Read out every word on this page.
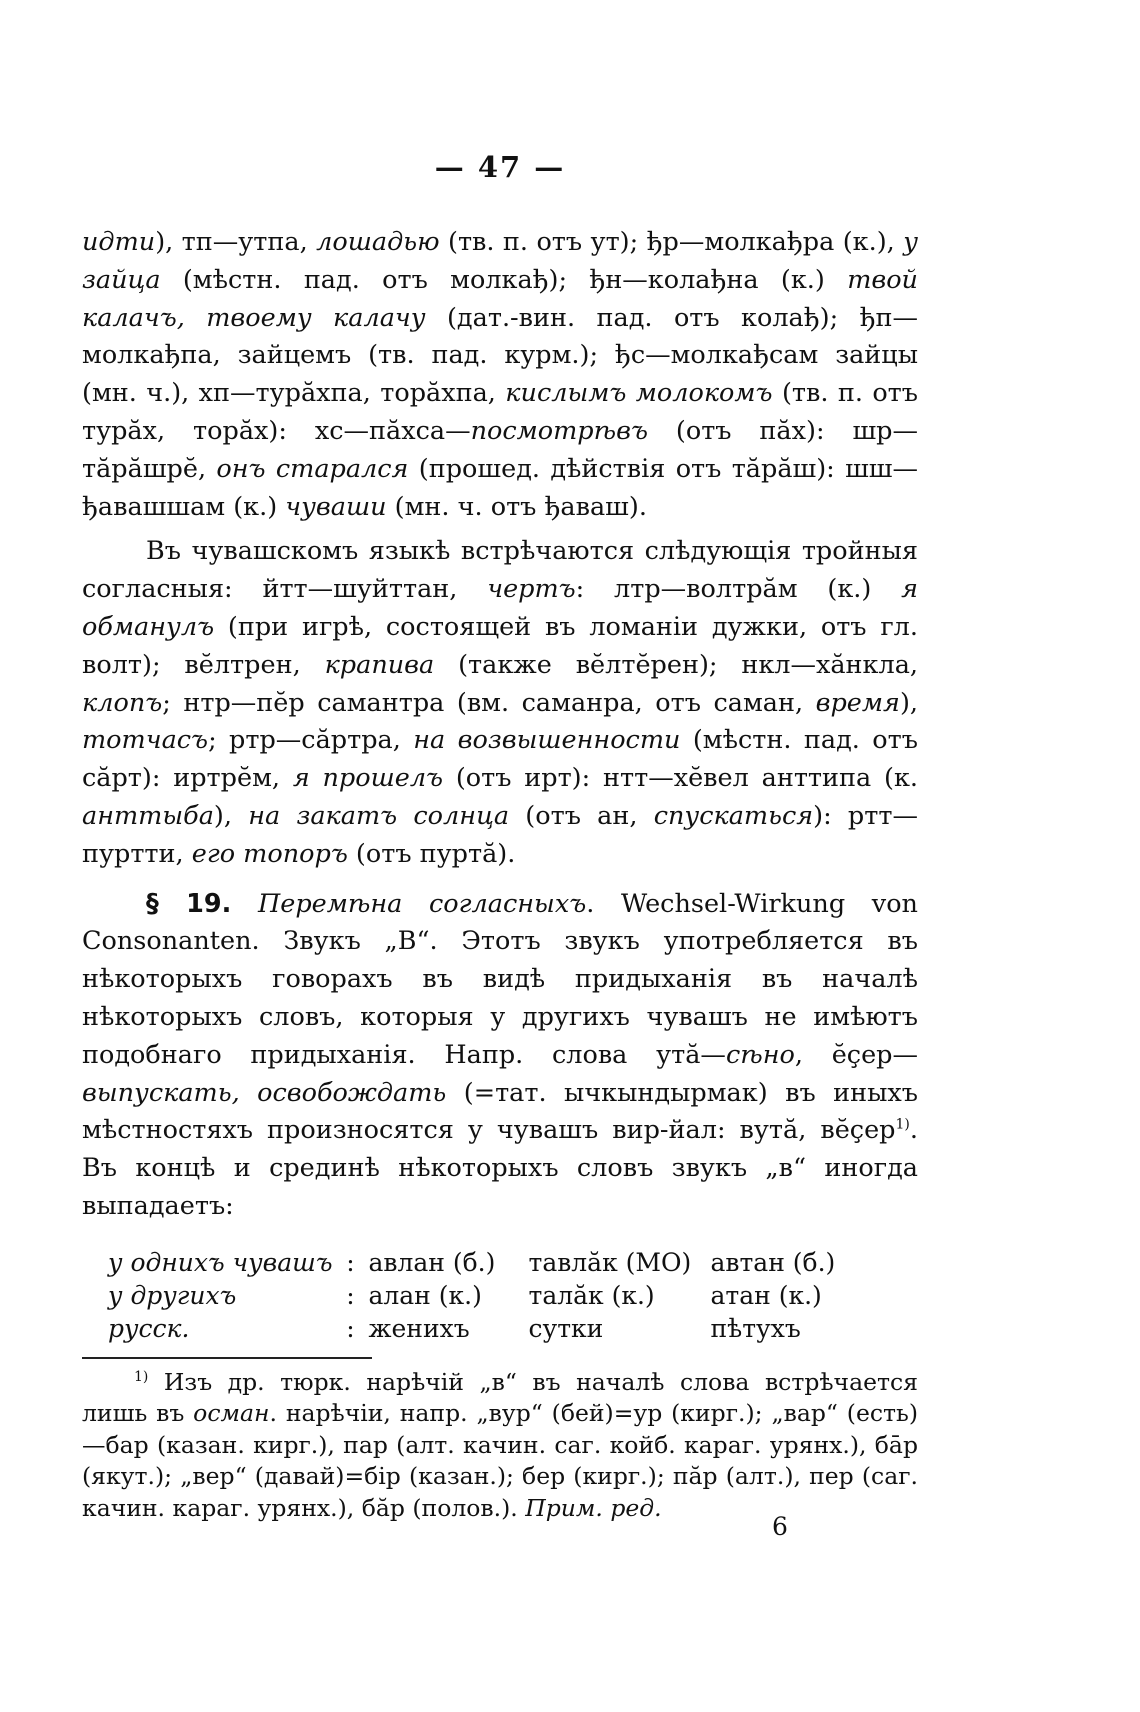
— 47 —

идти), тп—утпа, лошадью (тв. п. отъ ут); ђр—молкађра (к.), у зайца (мѣстн. пад. отъ молкађ); ђн—колађна (к.) твой калачъ, твоему калачу (дат.-вин. пад. отъ колађ); ђп—молкађпа, зайцемъ (тв. пад. курм.); ђс—молкађсам зайцы (мн. ч.), хп—турӑхпа, торӑхпа, кислымъ молокомъ (тв. п. отъ турӑх, торӑх): хс—пӑхса—посмотрѣвъ (отъ пӑх): шр—тӑрӑшрĕ, онъ старался (прошед. дѣйствія отъ тӑрӑш): шш—ђавашшам (к.) чуваши (мн. ч. отъ ђаваш).

Въ чувашскомъ языкѣ встрѣчаются слѣдующія тройныя согласныя: йтт—шуйттан, чертъ: лтр—волтрӑм (к.) я обманулъ (при игрѣ, состоящей въ ломаніи дужки, отъ гл. волт); вĕлтрен, крапива (также вĕлтĕрен); нкл—хӑнкла, клопъ; нтр—пĕр самантра (вм. саманра, отъ саман, время), тотчасъ; ртр—сӑртра, на возвышенности (мѣстн. пад. отъ сӑрт): иртрĕм, я прошелъ (отъ ирт): нтт—хĕвел анттипа (к. анттыба), на закатъ солнца (отъ ан, спускаться): ртт—пуртти, его топоръ (отъ пуртӑ).

§ 19. Перемѣна согласныхъ. Wechsel-Wirkung von Consonanten. Звукъ „В“. Этотъ звукъ употребляется въ нѣкоторыхъ говорахъ въ видѣ придыханія въ началѣ нѣкоторыхъ словъ, которыя у другихъ чувашъ не имѣютъ подобнаго придыханія. Напр. слова утӑ—сѣно, ĕçер—выпускать, освобождать (=тат. ычкындырмак) въ иныхъ мѣстностяхъ произносятся у чувашъ вир-йал: вутӑ, вĕçер$^{1)}$. Въ концѣ и срединѣ нѣкоторыхъ словъ звукъ „в“ иногда выпадаетъ:

у однихъ чувашъ	:	авлан (б.)	тавлӑк (МО)	автан (б.)
у другихъ	:	алан (к.)	талӑк (к.)	атан (к.)
русск.	:	женихъ	сутки	пѣтухъ

$^{1)}$ Изъ др. тюрк. нарѣчій „в“ въ началѣ слова встрѣчается лишь въ осман. нарѣчіи, напр. „вур“ (бей)=ур (кирг.); „вар“ (есть)—бар (казан. кирг.), пар (алт. качин. саг. койб. караг. урянх.), ба̄р (якут.); „вер“ (давай)=бір (казан.); бер (кирг.); пӑр (алт.), пер (саг. качин. караг. урянх.), бӑр (полов.). Прим. ред.

6
